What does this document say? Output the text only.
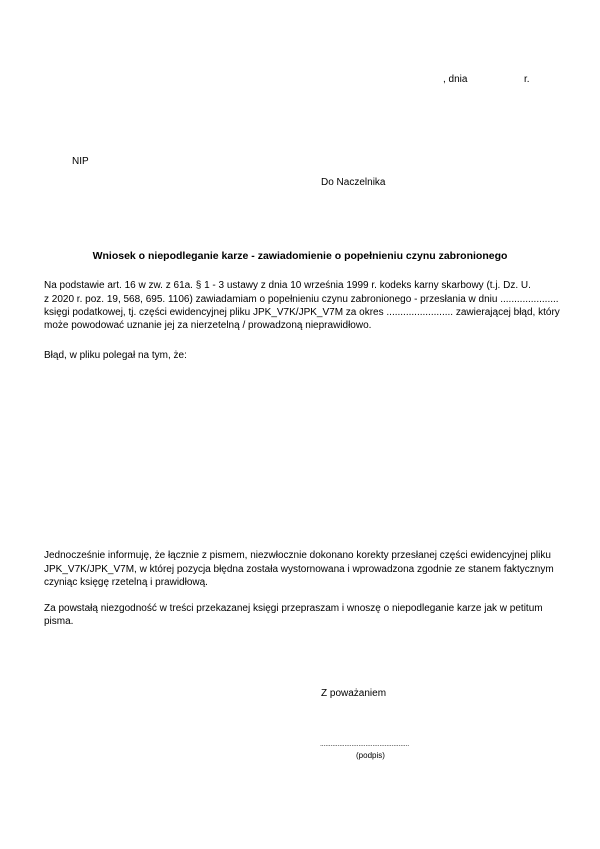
, dnia	r.
NIP
Do Naczelnika
Wniosek o niepodleganie karze - zawiadomienie o popełnieniu czynu zabronionego
Na podstawie art. 16 w zw. z 61a. § 1 - 3 ustawy z dnia 10 września 1999 r. kodeks karny skarbowy (t.j. Dz. U.
z 2020 r. poz. 19, 568, 695. 1106) zawiadamiam o popełnieniu czynu zabronionego - przesłania w dniu .....................
księgi podatkowej, tj. części ewidencyjnej pliku JPK_V7K/JPK_V7M za okres ........................ zawierającej błąd, który
może powodować uznanie jej za nierzetelną / prowadzoną nieprawidłowo.
Błąd, w pliku polegał na tym, że:
Jednocześnie informuję, że łącznie z pismem, niezwłocznie dokonano korekty przesłanej części ewidencyjnej pliku
JPK_V7K/JPK_V7M, w której pozycja błędna została wystornowana i wprowadzona zgodnie ze stanem faktycznym
czyniąc księgę rzetelną i prawidłową.
Za powstałą niezgodność w treści przekazanej księgi przepraszam i wnoszę o niepodleganie karze jak w petitum
pisma.
Z poważaniem
...................................................
(podpis)
